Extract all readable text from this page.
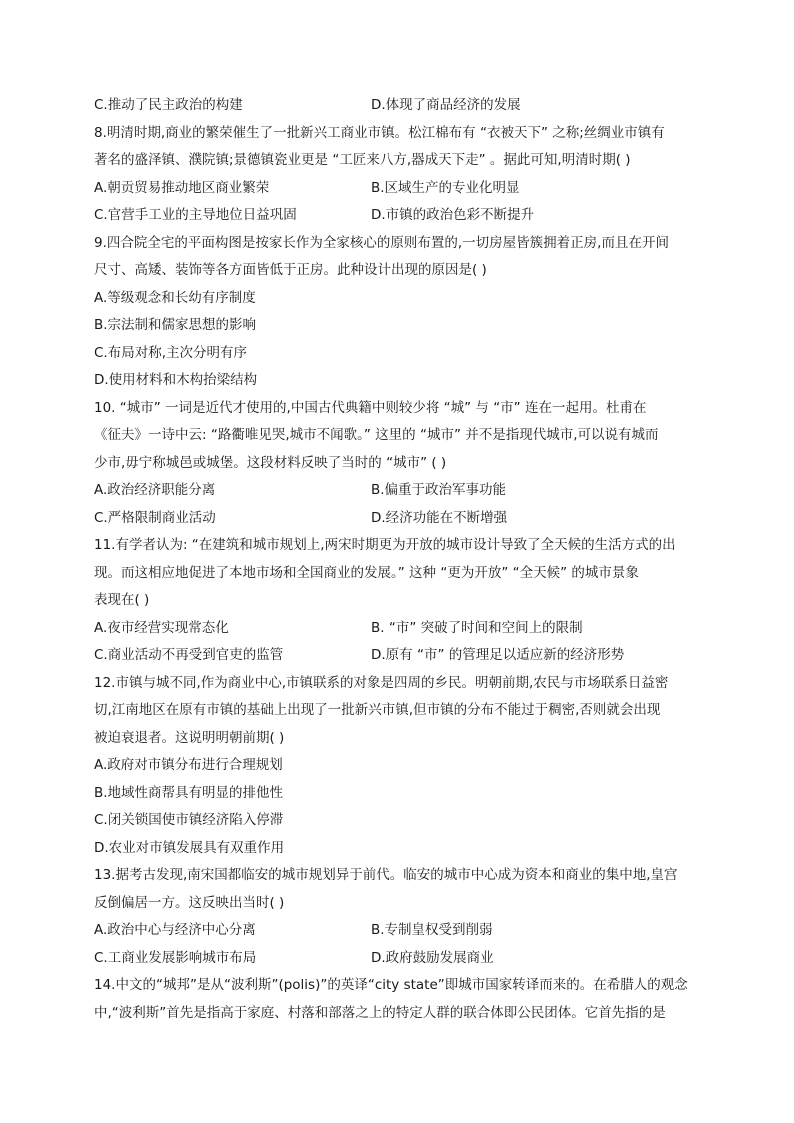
C.推动了民主政治的构建	D.体现了商品经济的发展
8.明清时期,商业的繁荣催生了一批新兴工商业市镇。松江棉布有 “衣被天下” 之称;丝绸业市镇有
著名的盛泽镇、濮院镇;景德镇瓷业更是 “工匠来八方,器成天下走” 。据此可知,明清时期( )
A.朝贡贸易推动地区商业繁荣	B.区域生产的专业化明显
C.官营手工业的主导地位日益巩固	D.市镇的政治色彩不断提升
9.四合院全宅的平面构图是按家长作为全家核心的原则布置的,一切房屋皆簇拥着正房,而且在开间
尺寸、高矮、装饰等各方面皆低于正房。此种设计出现的原因是( )
A.等级观念和长幼有序制度
B.宗法制和儒家思想的影响
C.布局对称,主次分明有序
D.使用材料和木构抬梁结构
10. “城市” 一词是近代才使用的,中国古代典籍中则较少将 “城” 与 “市” 连在一起用。杜甫在
《征夫》一诗中云: “路衢唯见哭,城市不闻歌。” 这里的 “城市” 并不是指现代城市,可以说有城而
少市,毋宁称城邑或城堡。这段材料反映了当时的 “城市” ( )
A.政治经济职能分离	B.偏重于政治军事功能
C.严格限制商业活动	D.经济功能在不断增强
11.有学者认为: “在建筑和城市规划上,两宋时期更为开放的城市设计导致了全天候的生活方式的出
现。而这相应地促进了本地市场和全国商业的发展。” 这种 “更为开放” “全天候” 的城市景象
表现在( )
A.夜市经营实现常态化	B. “市” 突破了时间和空间上的限制
C.商业活动不再受到官吏的监管	D.原有 “市” 的管理足以适应新的经济形势
12.市镇与城不同,作为商业中心,市镇联系的对象是四周的乡民。明朝前期,农民与市场联系日益密
切,江南地区在原有市镇的基础上出现了一批新兴市镇,但市镇的分布不能过于稠密,否则就会出现
被迫衰退者。这说明明朝前期( )
A.政府对市镇分布进行合理规划
B.地域性商帮具有明显的排他性
C.闭关锁国使市镇经济陷入停滞
D.农业对市镇发展具有双重作用
13.据考古发现,南宋国都临安的城市规划异于前代。临安的城市中心成为资本和商业的集中地,皇宫
反倒偏居一方。这反映出当时( )
A.政治中心与经济中心分离	B.专制皇权受到削弱
C.工商业发展影响城市布局	D.政府鼓励发展商业
14.中文的“城邦”是从“波利斯”(polis)”的英译“city state”即城市国家转译而来的。在希腊人的观念
中,“波利斯”首先是指高于家庭、村落和部落之上的特定人群的联合体即公民团体。它首先指的是
